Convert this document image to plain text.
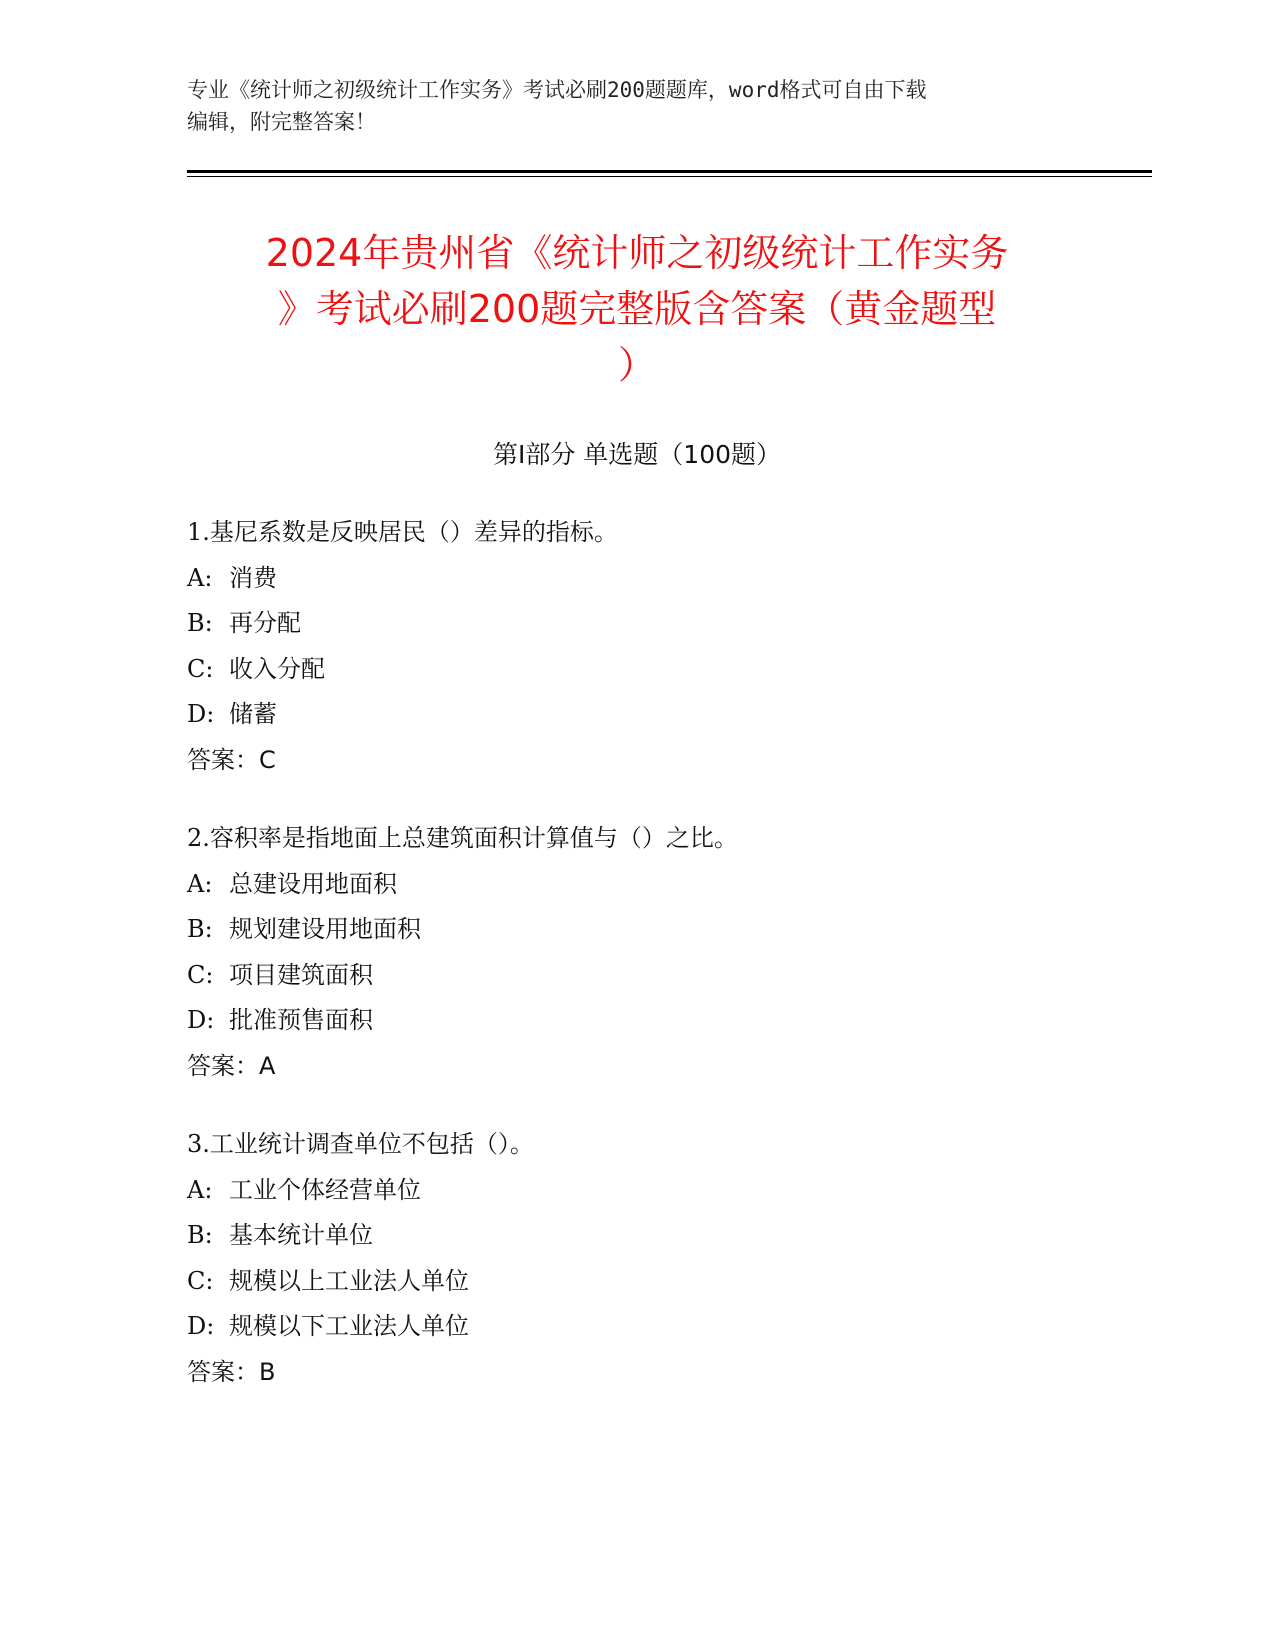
专业《统计师之初级统计工作实务》考试必刷200题题库，word格式可自由下载
编辑，附完整答案！
2024年贵州省《统计师之初级统计工作实务
》考试必刷200题完整版含答案（黄金题型
）
第Ⅰ部分 单选题（100题）
1.基尼系数是反映居民（）差异的指标。
A: 消费
B: 再分配
C: 收入分配
D: 储蓄
答案：C
2.容积率是指地面上总建筑面积计算值与（）之比。
A: 总建设用地面积
B: 规划建设用地面积
C: 项目建筑面积
D: 批准预售面积
答案：A
3.工业统计调查单位不包括（）。
A: 工业个体经营单位
B: 基本统计单位
C: 规模以上工业法人单位
D: 规模以下工业法人单位
答案：B
